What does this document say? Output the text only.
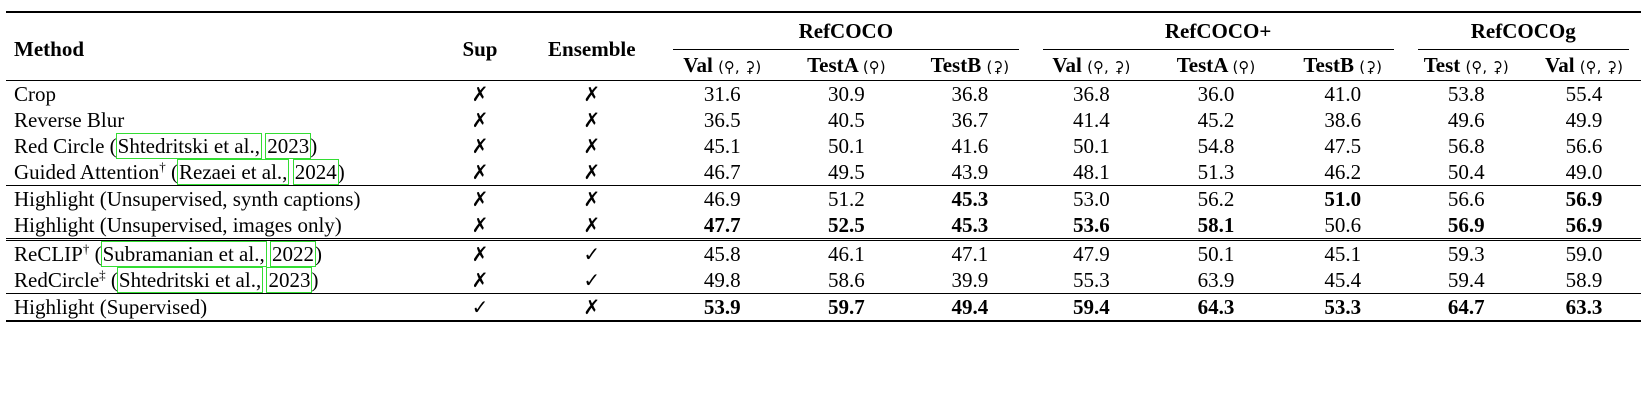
Method	Sup	Ensemble	RefCOCO			RefCOCO+			RefCOCOg	

			Val (⚲, ⚳)	TestA (⚲)	TestB (⚳)	Val (⚲, ⚳)	TestA (⚲)	TestB (⚳)	Test (⚲, ⚳)	Val (⚲, ⚳)
Crop	✗	✗	31.6	30.9	36.8	36.8	36.0	41.0	53.8	55.4
Reverse Blur	✗	✗	36.5	40.5	36.7	41.4	45.2	38.6	49.6	49.9
Red Circle (Shtedritski et al., 2023)	✗	✗	45.1	50.1	41.6	50.1	54.8	47.5	56.8	56.6
Guided Attention† (Rezaei et al., 2024)	✗	✗	46.7	49.5	43.9	48.1	51.3	46.2	50.4	49.0
Highlight (Unsupervised, synth captions)	✗	✗	46.9	51.2	45.3	53.0	56.2	51.0	56.6	56.9
Highlight (Unsupervised, images only)	✗	✗	47.7	52.5	45.3	53.6	58.1	50.6	56.9	56.9
ReCLIP† (Subramanian et al., 2022)	✗	✓	45.8	46.1	47.1	47.9	50.1	45.1	59.3	59.0
RedCircle‡ (Shtedritski et al., 2023)	✗	✓	49.8	58.6	39.9	55.3	63.9	45.4	59.4	58.9
Highlight (Supervised)	✓	✗	53.9	59.7	49.4	59.4	64.3	53.3	64.7	63.3
